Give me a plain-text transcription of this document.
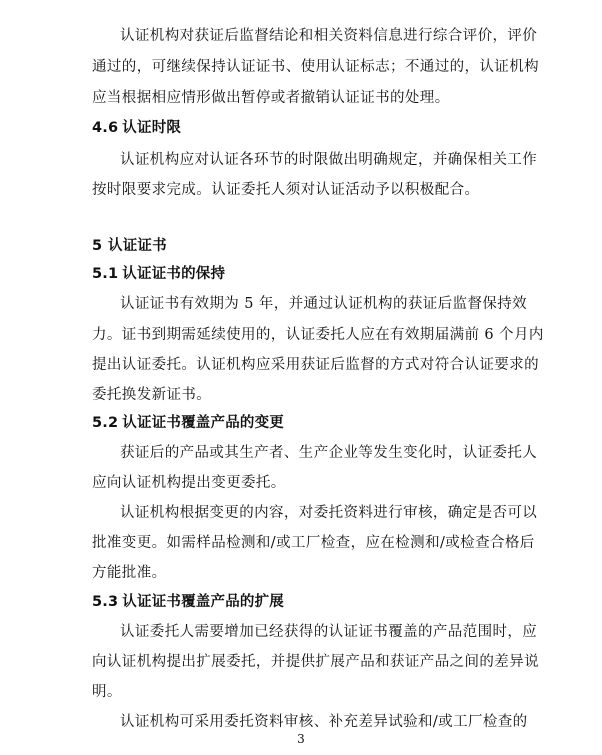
认证机构对获证后监督结论和相关资料信息进行综合评价，评价
通过的，可继续保持认证证书、使用认证标志；不通过的，认证机构
应当根据相应情形做出暂停或者撤销认证证书的处理。
4.6 认证时限
认证机构应对认证各环节的时限做出明确规定，并确保相关工作
按时限要求完成。认证委托人须对认证活动予以积极配合。
5 认证证书
5.1 认证证书的保持
认证证书有效期为 5 年，并通过认证机构的获证后监督保持效
力。证书到期需延续使用的，认证委托人应在有效期届满前 6 个月内
提出认证委托。认证机构应采用获证后监督的方式对符合认证要求的
委托换发新证书。
5.2 认证证书覆盖产品的变更
获证后的产品或其生产者、生产企业等发生变化时，认证委托人
应向认证机构提出变更委托。
认证机构根据变更的内容，对委托资料进行审核，确定是否可以
批准变更。如需样品检测和/或工厂检查，应在检测和/或检查合格后
方能批准。
5.3 认证证书覆盖产品的扩展
认证委托人需要增加已经获得的认证证书覆盖的产品范围时，应
向认证机构提出扩展委托，并提供扩展产品和获证产品之间的差异说
明。
认证机构可采用委托资料审核、补充差异试验和/或工厂检查的
3
